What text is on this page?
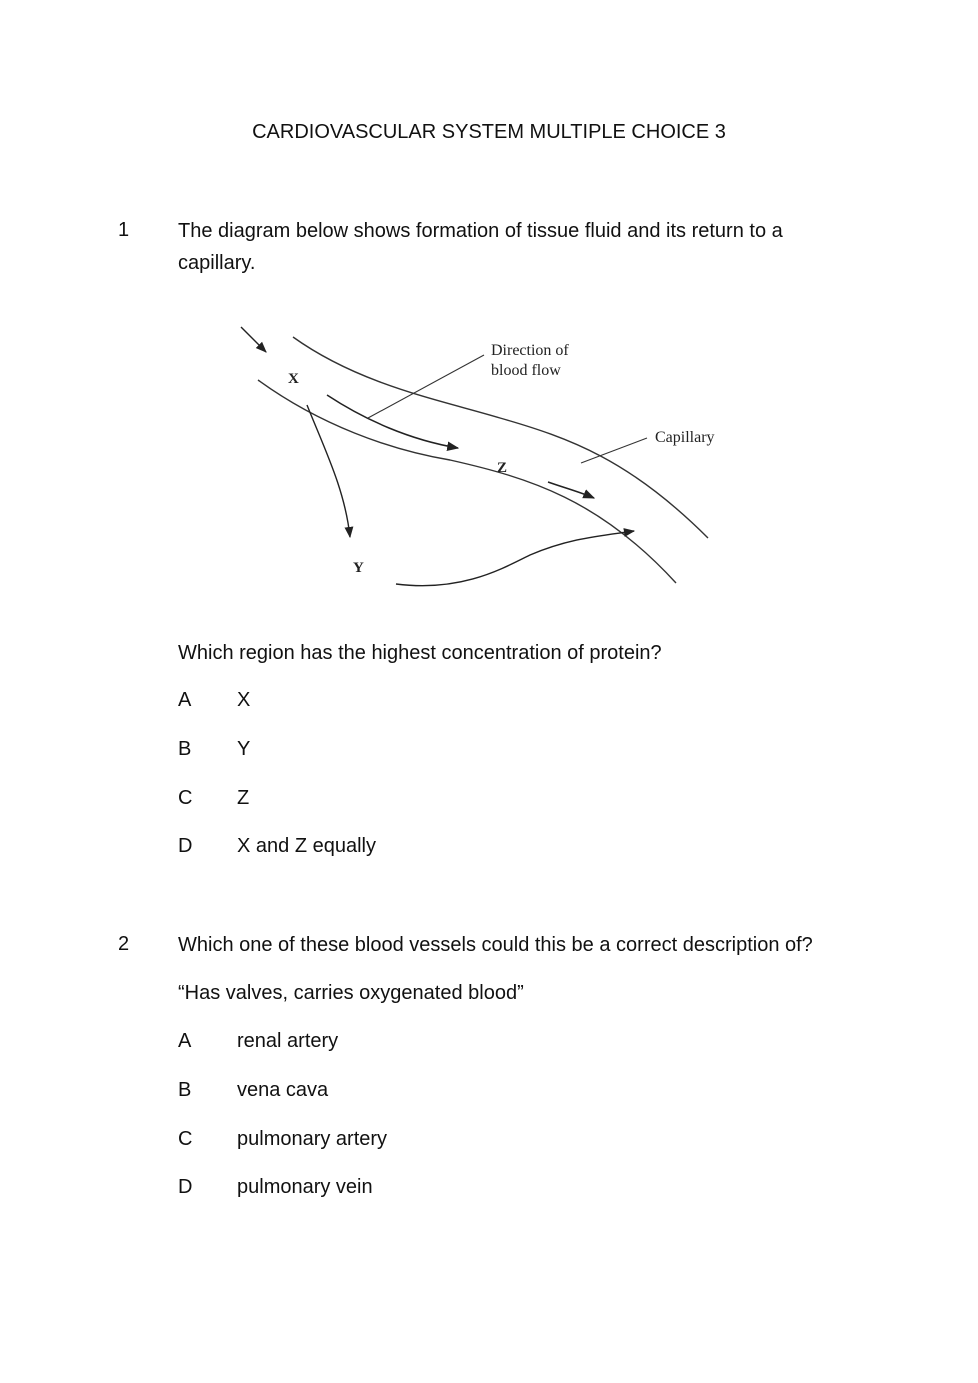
CARDIOVASCULAR SYSTEM MULTIPLE CHOICE 3
1 The diagram below shows formation of tissue fluid and its return to a
capillary.
Direction of
blood flow
Capillary
X
Z
Y
Which region has the highest concentration of protein?
A X
B Y
C Z
D X and Z equally
2 Which one of these blood vessels could this be a correct description of?
“Has valves, carries oxygenated blood”
A renal artery
B vena cava
C pulmonary artery
D pulmonary vein
